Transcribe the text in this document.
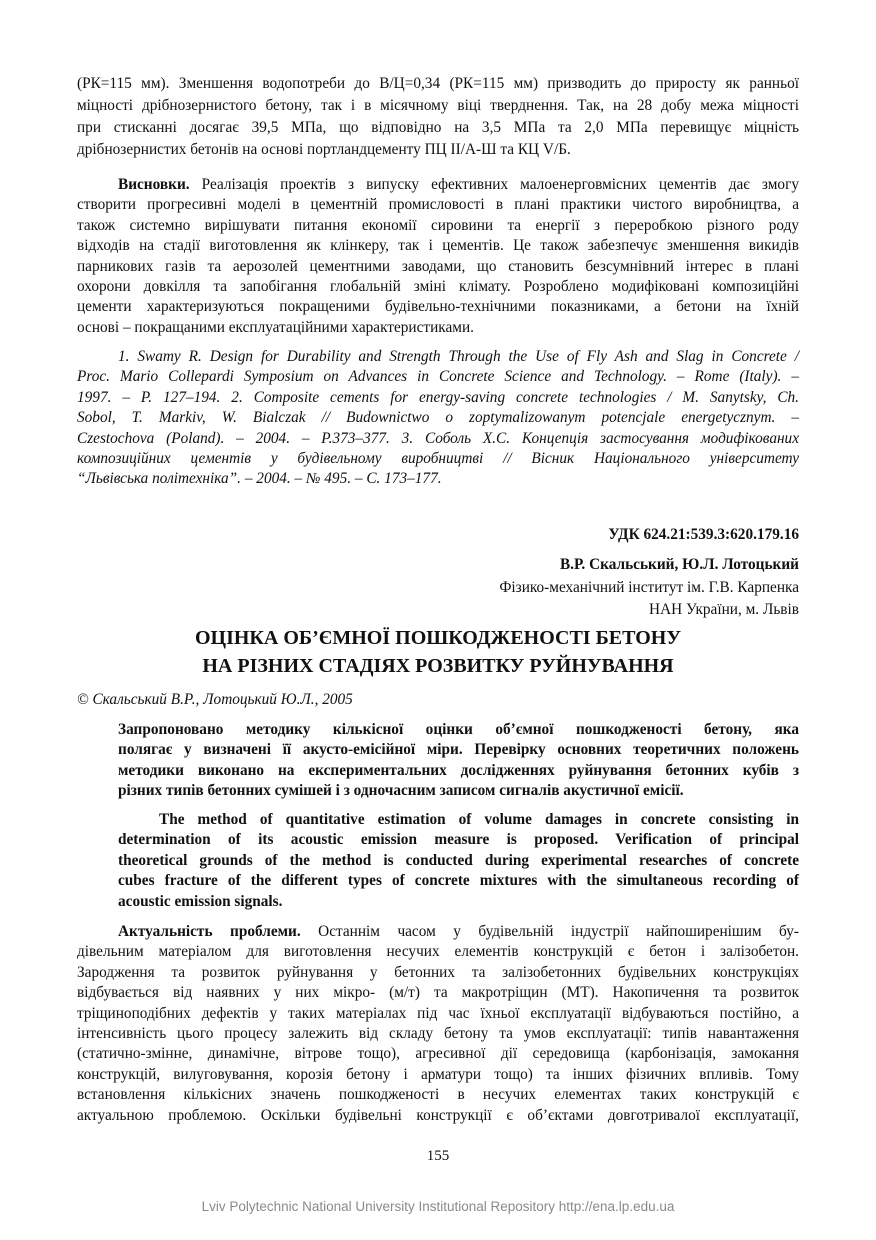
(РК=115 мм). Зменшення водопотреби до В/Ц=0,34 (РК=115 мм) призводить до приросту як ранньої
міцності дрібнозернистого бетону, так і в місячному віці тверднення. Так, на 28 добу межа міцності
при стисканні досягає 39,5 МПа, що відповідно на 3,5 МПа та 2,0 МПа перевищує міцність
дрібнозернистих бетонів на основі портландцементу ПЦ ІІ/А-Ш та КЦ V/Б.
Висновки. Реалізація проектів з випуску ефективних малоенерговмісних цементів дає змогу
створити прогресивні моделі в цементній промисловості в плані практики чистого виробництва, а
також системно вирішувати питання економії сировини та енергії з переробкою різного роду
відходів на стадії виготовлення як клінкеру, так і цементів. Це також забезпечує зменшення викидів
парникових газів та аерозолей цементними заводами, що становить безсумнівний інтерес в плані
охорони довкілля та запобігання глобальній зміні клімату. Розроблено модифіковані композиційні
цементи характеризуються покращеними будівельно-технічними показниками, а бетони на їхній
основі – покращаними експлуатаційними характеристиками.
1. Swamy R. Design for Durability and Strength Through the Use of Fly Ash and Slag in Concrete /
Proc. Mario Collepardi Symposium on Advances in Concrete Science and Technology. – Rome (Italy). –
1997. – P. 127–194. 2. Composite cements for energy-saving concrete technologies / M. Sanytsky, Ch.
Sobol, T. Markiv, W. Bialczak // Budownictwo o zoptymalizowanym potencjale energetycznym. –
Czestochova (Poland). – 2004. – P.373–377. 3. Соболь Х.С. Концепція застосування модифікованих
композиційних цементів у будівельному виробництві // Вісник Національного університету
“Львівська політехніка”. – 2004. – № 495. – С. 173–177.
УДК 624.21:539.3:620.179.16
В.Р. Скальський, Ю.Л. Лотоцький
Фізико-механічний інститут ім. Г.В. Карпенка
НАН України, м. Львів
ОЦІНКА ОБ’ЄМНОЇ ПОШКОДЖЕНОСТІ БЕТОНУ
НА РІЗНИХ СТАДІЯХ РОЗВИТКУ РУЙНУВАННЯ
© Скальський В.Р., Лотоцький Ю.Л., 2005
Запропоновано методику кількісної оцінки об’ємної пошкодженості бетону, яка
полягає у визначені її акусто-емісійної міри. Перевірку основних теоретичних положень
методики виконано на експериментальних дослідженнях руйнування бетонних кубів з
різних типів бетонних сумішей і з одночасним записом сигналів акустичної емісії.
The method of quantitative estimation of volume damages in concrete consisting in
determination of its acoustic emission measure is proposed. Verification of principal
theoretical grounds of the method is conducted during experimental researches of concrete
cubes fracture of the different types of concrete mixtures with the simultaneous recording of
acoustic emission signals.
Актуальність проблеми. Останнім часом у будівельній індустрії найпоширенішим бу-
дівельним матеріалом для виготовлення несучих елементів конструкцій є бетон і залізобетон.
Зародження та розвиток руйнування у бетонних та залізобетонних будівельних конструкціях
відбувається від наявних у них мікро- (м/т) та макротріщин (МТ). Накопичення та розвиток
тріщиноподібних дефектів у таких матеріалах під час їхньої експлуатації відбуваються постійно, а
інтенсивність цього процесу залежить від складу бетону та умов експлуатації: типів навантаження
(статично-змінне, динамічне, вітрове тощо), агресивної дії середовища (карбонізація, замокання
конструкцій, вилуговування, корозія бетону і арматури тощо) та інших фізичних впливів. Тому
встановлення кількісних значень пошкодженості в несучих елементах таких конструкцій є
актуальною проблемою. Оскільки будівельні конструкції є об’єктами довготривалої експлуатації,
155
Lviv Polytechnic National University Institutional Repository http://ena.lp.edu.ua
